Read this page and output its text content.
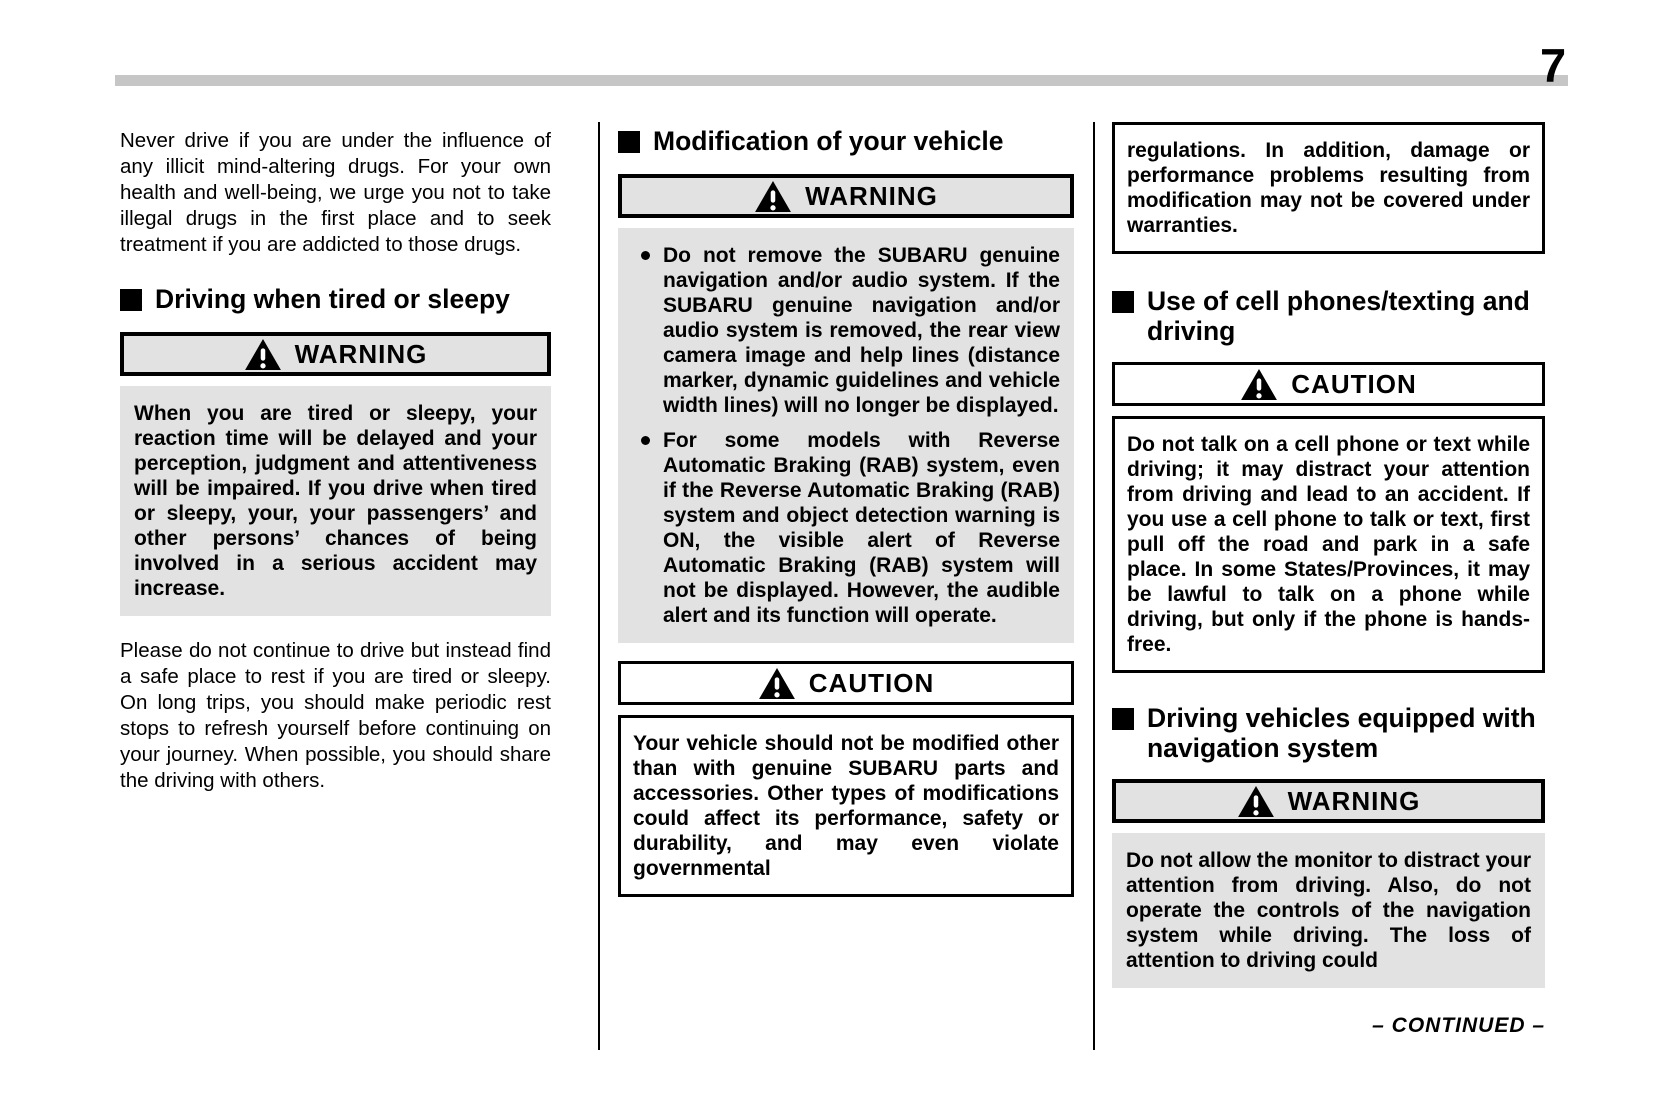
7
Never drive if you are under the influence of any illicit mind-altering drugs. For your own health and well-being, we urge you not to take illegal drugs in the first place and to seek treatment if you are addicted to those drugs.
Driving when tired or sleepy
WARNING
When you are tired or sleepy, your reaction time will be delayed and your perception, judgment and attentiveness will be impaired. If you drive when tired or sleepy, your, your passengers’ and other persons’ chances of being involved in a serious accident may increase.
Please do not continue to drive but instead find a safe place to rest if you are tired or sleepy. On long trips, you should make periodic rest stops to refresh yourself before continuing on your journey. When possible, you should share the driving with others.
Modification of your vehicle
WARNING
Do not remove the SUBARU genuine navigation and/or audio system. If the SUBARU genuine navigation and/or audio system is removed, the rear view camera image and help lines (distance marker, dynamic guidelines and vehicle width lines) will no longer be displayed.
For some models with Reverse Automatic Braking (RAB) system, even if the Reverse Automatic Braking (RAB) system and object detection warning is ON, the visible alert of Reverse Automatic Braking (RAB) system will not be displayed. However, the audible alert and its function will operate.
CAUTION
Your vehicle should not be modified other than with genuine SUBARU parts and accessories. Other types of modifications could affect its performance, safety or durability, and may even violate governmental
regulations. In addition, damage or performance problems resulting from modification may not be covered under warranties.
Use of cell phones/texting and driving
CAUTION
Do not talk on a cell phone or text while driving; it may distract your attention from driving and lead to an accident. If you use a cell phone to talk or text, first pull off the road and park in a safe place. In some States/Provinces, it may be lawful to talk on a phone while driving, but only if the phone is hands-free.
Driving vehicles equipped with navigation system
WARNING
Do not allow the monitor to distract your attention from driving. Also, do not operate the controls of the navigation system while driving. The loss of attention to driving could
– CONTINUED –
